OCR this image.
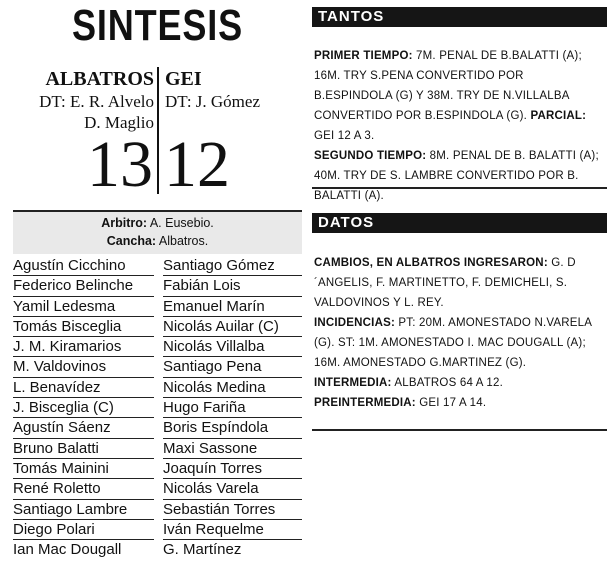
SINTESIS
ALBATROS
DT: E. R. Alvelo
D. Maglio
13
GEI
DT: J. Gómez
12
Arbitro: A. Eusebio.
Cancha: Albatros.
Agustín Cicchino
Federico Belinche
Yamil Ledesma
Tomás Bisceglia
J. M. Kiramarios
M. Valdovinos
L. Benavídez
J. Bisceglia (C)
Agustín Sáenz
Bruno Balatti
Tomás Mainini
René Roletto
Santiago Lambre
Diego Polari
Ian Mac Dougall
Santiago Gómez
Fabián Lois
Emanuel Marín
Nicolás Auilar (C)
Nicolás Villalba
Santiago Pena
Nicolás Medina
Hugo Fariña
Boris Espíndola
Maxi Sassone
Joaquín Torres
Nicolás Varela
Sebastián Torres
Iván Requelme
G. Martínez
TANTOS
PRIMER TIEMPO: 7M. PENAL DE B.BALATTI (A); 16M. TRY S.PENA CONVERTIDO POR B.ESPINDOLA (G) Y 38M. TRY DE N.VILLALBA CONVERTIDO POR B.ESPINDOLA (G). PARCIAL: GEI 12 A 3.
SEGUNDO TIEMPO: 8M. PENAL DE B. BALATTI (A); 40M. TRY DE S. LAMBRE CONVERTIDO POR B. BALATTI (A).
DATOS
CAMBIOS, EN ALBATROS INGRESARON: G. D´ANGELIS, F. MARTINETTO, F. DEMICHELI, S. VALDOVINOS Y L. REY.
INCIDENCIAS: PT: 20M. AMONESTADO N.VARELA (G). ST: 1M. AMONESTADO I. MAC DOUGALL (A); 16M. AMONESTADO G.MARTINEZ (G).
INTERMEDIA: ALBATROS 64 A 12.
PREINTERMEDIA: GEI 17 A 14.
